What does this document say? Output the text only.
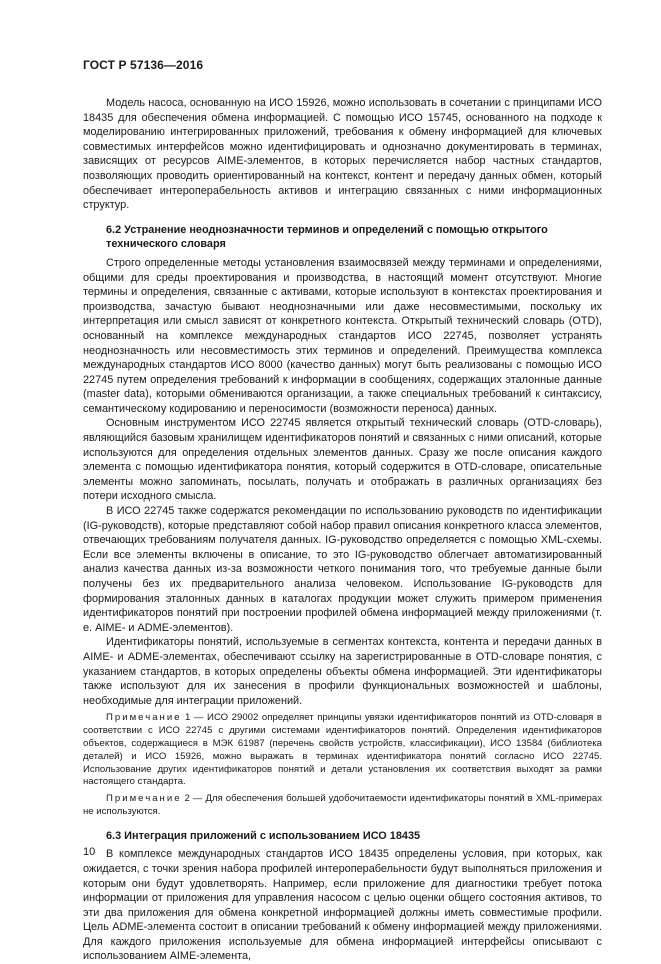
ГОСТ Р 57136—2016

Модель насоса, основанную на ИСО 15926, можно использовать в сочетании с принципами ИСО 18435 для обеспечения обмена информацией. С помощью ИСО 15745, основанного на подходе к моделированию интегрированных приложений, требования к обмену информацией для ключевых совместимых интерфейсов можно идентифицировать и однозначно документировать в терминах, зависящих от ресурсов AIME-элементов, в которых перечисляется набор частных стандартов, позволяющих проводить ориентированный на контекст, контент и передачу данных обмен, который обеспечивает интероперабельность активов и интеграцию связанных с ними информационных структур.

6.2 Устранение неоднозначности терминов и определений с помощью открытого технического словаря

Строго определенные методы установления взаимосвязей между терминами и определениями, общими для среды проектирования и производства, в настоящий момент отсутствуют. Многие термины и определения, связанные с активами, которые используют в контекстах проектирования и производства, зачастую бывают неоднозначными или даже несовместимыми, поскольку их интерпретация или смысл зависят от конкретного контекста. Открытый технический словарь (OTD), основанный на комплексе международных стандартов ИСО 22745, позволяет устранять неоднозначность или несовместимость этих терминов и определений. Преимущества комплекса международных стандартов ИСО 8000 (качество данных) могут быть реализованы с помощью ИСО 22745 путем определения требований к информации в сообщениях, содержащих эталонные данные (master data), которыми обмениваются организации, а также специальных требований к синтаксису, семантическому кодированию и переносимости (возможности переноса) данных.

Основным инструментом ИСО 22745 является открытый технический словарь (OTD-словарь), являющийся базовым хранилищем идентификаторов понятий и связанных с ними описаний, которые используются для определения отдельных элементов данных. Сразу же после описания каждого элемента с помощью идентификатора понятия, который содержится в OTD-словаре, описательные элементы можно запоминать, посылать, получать и отображать в различных организациях без потери исходного смысла.

В ИСО 22745 также содержатся рекомендации по использованию руководств по идентификации (IG-руководств), которые представляют собой набор правил описания конкретного класса элементов, отвечающих требованиям получателя данных. IG-руководство определяется с помощью XML-схемы. Если все элементы включены в описание, то это IG-руководство облегчает автоматизированный анализ качества данных из-за возможности четкого понимания того, что требуемые данные были получены без их предварительного анализа человеком. Использование IG-руководств для формирования эталонных данных в каталогах продукции может служить примером применения идентификаторов понятий при построении профилей обмена информацией между приложениями (т. е. AIME- и ADME-элементов).

Идентификаторы понятий, используемые в сегментах контекста, контента и передачи данных в AIME- и ADME-элементах, обеспечивают ссылку на зарегистрированные в OTD-словаре понятия, с указанием стандартов, в которых определены объекты обмена информацией. Эти идентификаторы также используют для их занесения в профили функциональных возможностей и шаблоны, необходимые для интеграции приложений.

Примечание 1 — ИСО 29002 определяет принципы увязки идентификаторов понятий из OTD-словаря в соответствии с ИСО 22745 с другими системами идентификаторов понятий. Определения идентификаторов объектов, содержащиеся в МЭК 61987 (перечень свойств устройств, классификации), ИСО 13584 (библиотека деталей) и ИСО 15926, можно выражать в терминах идентификатора понятий согласно ИСО 22745. Использование других идентификаторов понятий и детали установления их соответствия выходят за рамки настоящего стандарта.

Примечание 2 — Для обеспечения большей удобочитаемости идентификаторы понятий в XML-примерах не используются.

6.3 Интеграция приложений с использованием ИСО 18435

В комплексе международных стандартов ИСО 18435 определены условия, при которых, как ожидается, с точки зрения набора профилей интероперабельности будут выполняться приложения и которым они будут удовлетворять. Например, если приложение для диагностики требует потока информации от приложения для управления насосом с целью оценки общего состояния активов, то эти два приложения для обмена конкретной информацией должны иметь совместимые профили. Цель ADME-элемента состоит в описании требований к обмену информацией между приложениями. Для каждого приложения используемые для обмена информацией интерфейсы описывают с использованием AIME-элемента,

10
